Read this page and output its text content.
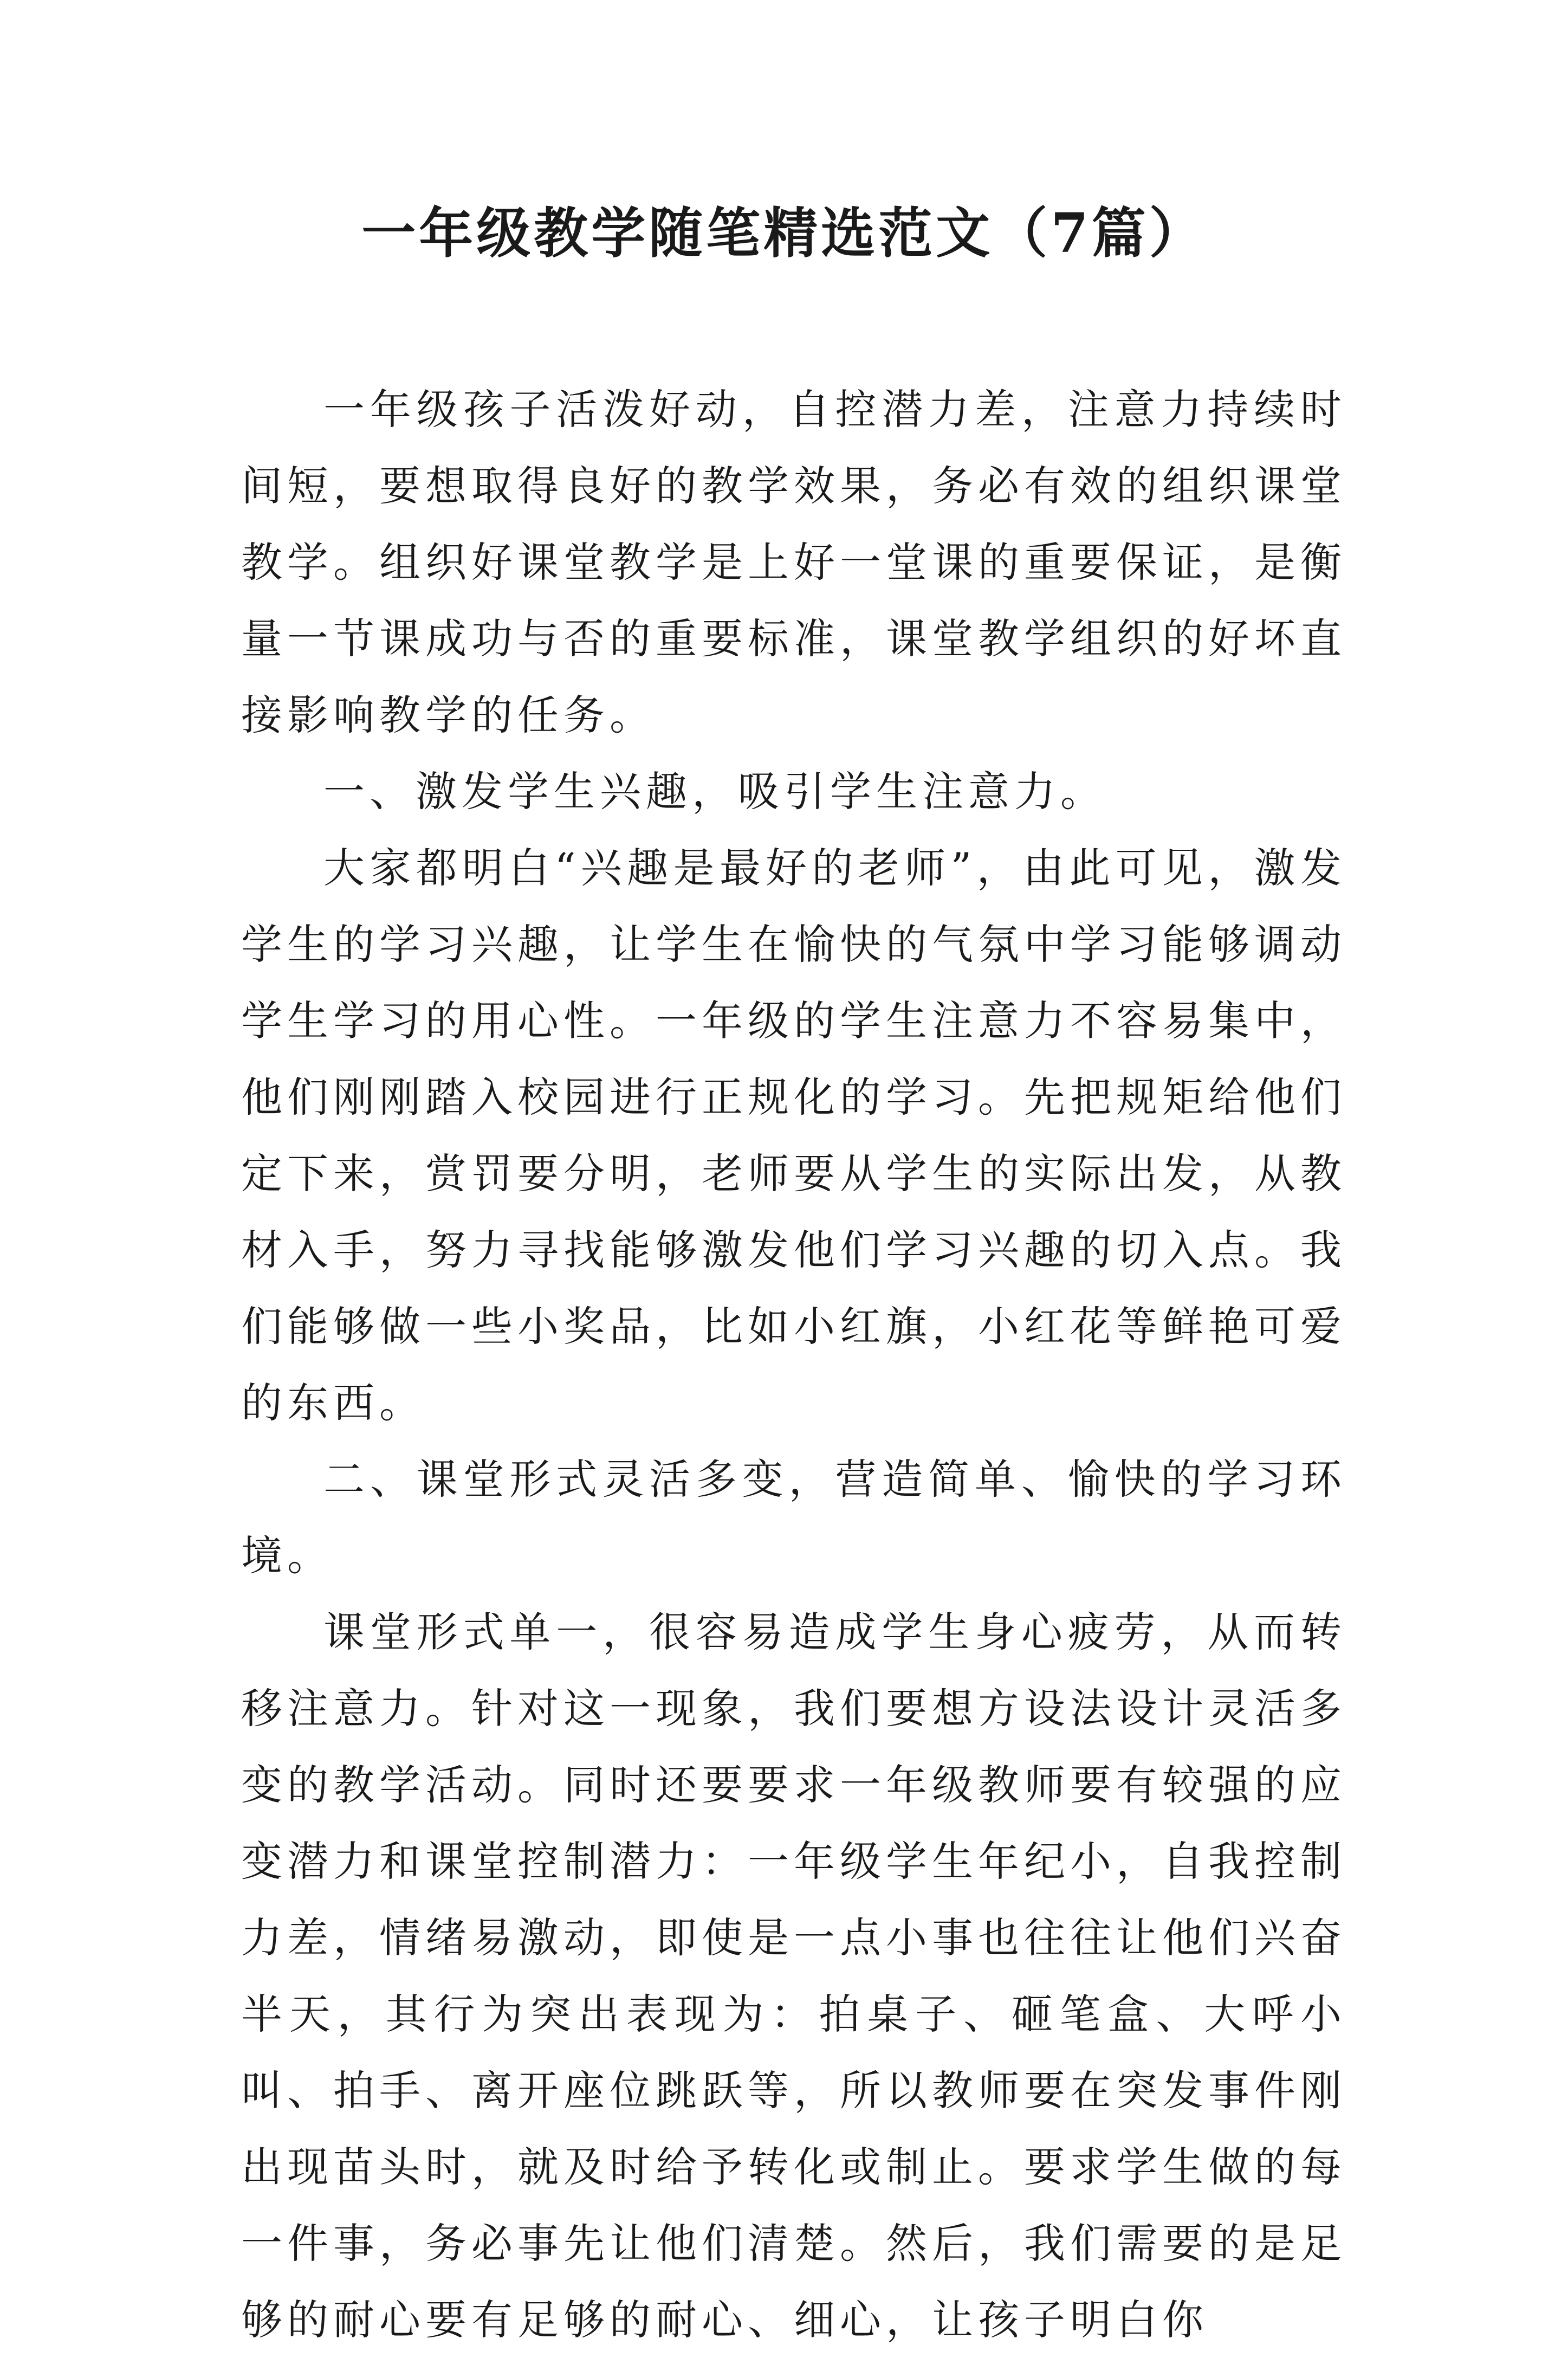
一年级教学随笔精选范文（7篇）

一年级孩子活泼好动，自控潜力差，注意力持续时间短，要想取得良好的教学效果，务必有效的组织课堂教学。组织好课堂教学是上好一堂课的重要保证，是衡量一节课成功与否的重要标准，课堂教学组织的好坏直接影响教学的任务。

一、激发学生兴趣，吸引学生注意力。

大家都明白“兴趣是最好的老师”，由此可见，激发学生的学习兴趣，让学生在愉快的气氛中学习能够调动学生学习的用心性。一年级的学生注意力不容易集中，他们刚刚踏入校园进行正规化的学习。先把规矩给他们定下来，赏罚要分明，老师要从学生的实际出发，从教材入手，努力寻找能够激发他们学习兴趣的切入点。我们能够做一些小奖品，比如小红旗，小红花等鲜艳可爱的东西。

二、课堂形式灵活多变，营造简单、愉快的学习环境。

课堂形式单一，很容易造成学生身心疲劳，从而转移注意力。针对这一现象，我们要想方设法设计灵活多变的教学活动。同时还要要求一年级教师要有较强的应变潜力和课堂控制潜力：一年级学生年纪小，自我控制力差，情绪易激动，即使是一点小事也往往让他们兴奋半天，其行为突出表现为：拍桌子、砸笔盒、大呼小叫、拍手、离开座位跳跃等，所以教师要在突发事件刚出现苗头时，就及时给予转化或制止。要求学生做的每一件事，务必事先让他们清楚。然后，我们需要的是足够的耐心要有足够的耐心、细心，让孩子明白你
